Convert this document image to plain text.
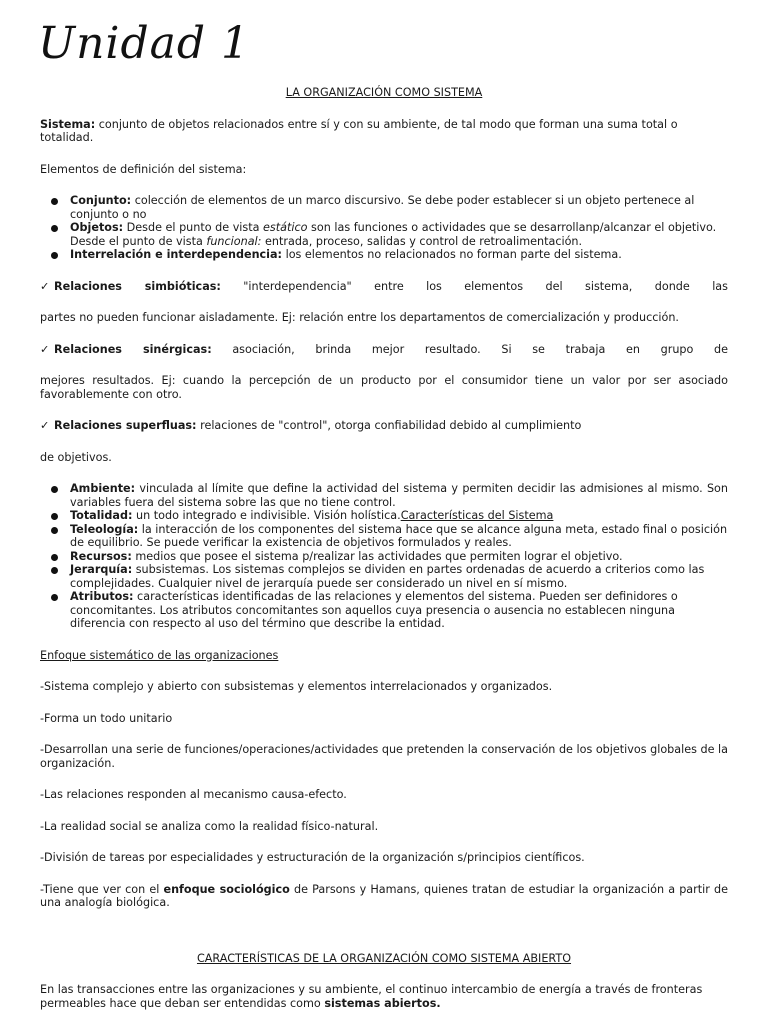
Unidad 1

LA ORGANIZACIÓN COMO SISTEMA

Sistema: conjunto de objetos relacionados entre sí y con su ambiente, de tal modo que forman una suma total o totalidad.

Elementos de definición del sistema:

Conjunto: colección de elementos de un marco discursivo. Se debe poder establecer si un objeto pertenece al conjunto o no
Objetos: Desde el punto de vista estático son las funciones o actividades que se desarrollanp/alcanzar el objetivo. Desde el punto de vista funcional: entrada, proceso, salidas y control de retroalimentación.
Interrelación e interdependencia: los elementos no relacionados no forman parte del sistema.

✓ Relaciones simbióticas: "interdependencia" entre los elementos del sistema, donde las

partes no pueden funcionar aisladamente. Ej: relación entre los departamentos de comercialización y producción.

✓ Relaciones sinérgicas: asociación, brinda mejor resultado. Si se trabaja en grupo de

mejores resultados. Ej: cuando la percepción de un producto por el consumidor tiene un valor por ser asociado favorablemente con otro.

✓ Relaciones superfluas: relaciones de "control", otorga confiabilidad debido al cumplimiento

de objetivos.

Ambiente: vinculada al límite que define la actividad del sistema y permiten decidir las admisiones al mismo. Son variables fuera del sistema sobre las que no tiene control.
Totalidad: un todo integrado e indivisible. Visión holística.Características del Sistema
Teleología: la interacción de los componentes del sistema hace que se alcance alguna meta, estado final o posición de equilibrio. Se puede verificar la existencia de objetivos formulados y reales.
Recursos: medios que posee el sistema p/realizar las actividades que permiten lograr el objetivo.
Jerarquía: subsistemas. Los sistemas complejos se dividen en partes ordenadas de acuerdo a criterios como las complejidades. Cualquier nivel de jerarquía puede ser considerado un nivel en sí mismo.
Atributos: características identificadas de las relaciones y elementos del sistema. Pueden ser definidores o concomitantes. Los atributos concomitantes son aquellos cuya presencia o ausencia no establecen ninguna diferencia con respecto al uso del término que describe la entidad.

Enfoque sistemático de las organizaciones

-Sistema complejo y abierto con subsistemas y elementos interrelacionados y organizados.

-Forma un todo unitario

-Desarrollan una serie de funciones/operaciones/actividades que pretenden la conservación de los objetivos globales de la organización.

-Las relaciones responden al mecanismo causa-efecto.

-La realidad social se analiza como la realidad físico-natural.

-División de tareas por especialidades y estructuración de la organización s/principios científicos.

-Tiene que ver con el enfoque sociológico de Parsons y Hamans, quienes tratan de estudiar la organización a partir de una analogía biológica.

CARACTERÍSTICAS DE LA ORGANIZACIÓN COMO SISTEMA ABIERTO

En las transacciones entre las organizaciones y su ambiente, el continuo intercambio de energía a través de fronteras permeables hace que deban ser entendidas como sistemas abiertos.
